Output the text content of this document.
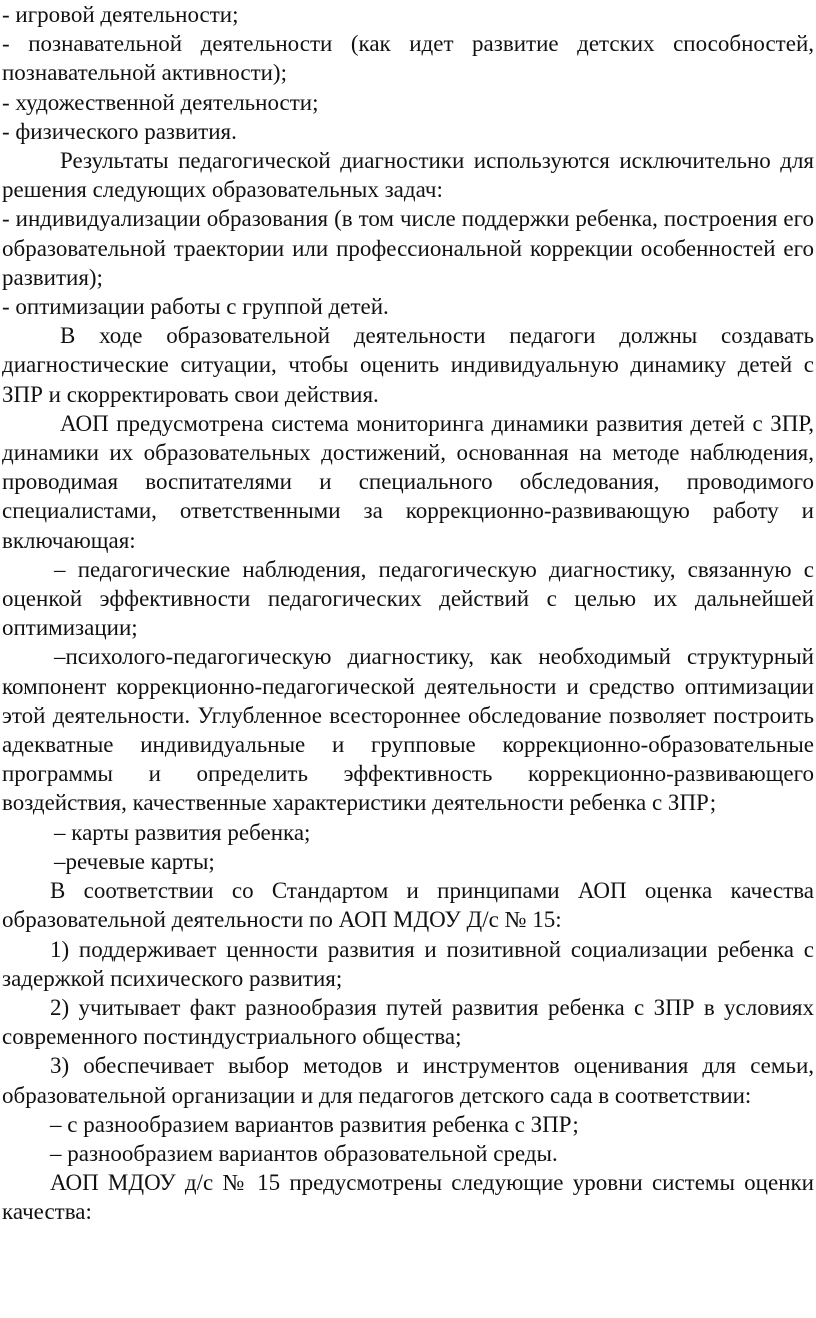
- игровой деятельности;

- познавательной деятельности (как идет развитие детских способностей, познавательной активности);

- художественной деятельности;

- физического развития.

Результаты педагогической диагностики используются исключительно для решения следующих образовательных задач:

- индивидуализации образования (в том числе поддержки ребенка, построения его образовательной траектории или профессиональной коррекции особенностей его развития);

- оптимизации работы с группой детей.

В ходе образовательной деятельности педагоги должны создавать диагностические ситуации, чтобы оценить индивидуальную динамику детей с ЗПР и скорректировать свои действия.

АОП предусмотрена система мониторинга динамики развития детей с ЗПР, динамики их образовательных достижений, основанная на методе наблюдения, проводимая воспитателями и специального обследования, проводимого специалистами, ответственными за коррекционно-развивающую работу и включающая:

– педагогические наблюдения, педагогическую диагностику, связанную с оценкой эффективности педагогических действий с целью их дальнейшей оптимизации;

–психолого-педагогическую диагностику, как необходимый структурный компонент коррекционно-педагогической деятельности и средство оптимизации этой деятельности. Углубленное всестороннее обследование позволяет построить адекватные индивидуальные и групповые коррекционно-образовательные программы и определить эффективность коррекционно-развивающего воздействия, качественные характеристики деятельности ребенка с ЗПР;

– карты развития ребенка;

–речевые карты;

В соответствии со Стандартом и принципами АОП оценка качества образовательной деятельности по АОП МДОУ Д/с № 15:

1) поддерживает ценности развития и позитивной социализации ребенка с задержкой психического развития;

2) учитывает факт разнообразия путей развития ребенка с ЗПР в условиях современного постиндустриального общества;

3) обеспечивает выбор методов и инструментов оценивания для семьи, образовательной организации и для педагогов детского сада в соответствии:

– с разнообразием вариантов развития ребенка с ЗПР;

– разнообразием вариантов образовательной среды.

АОП МДОУ д/с № 15 предусмотрены следующие уровни системы оценки качества:
